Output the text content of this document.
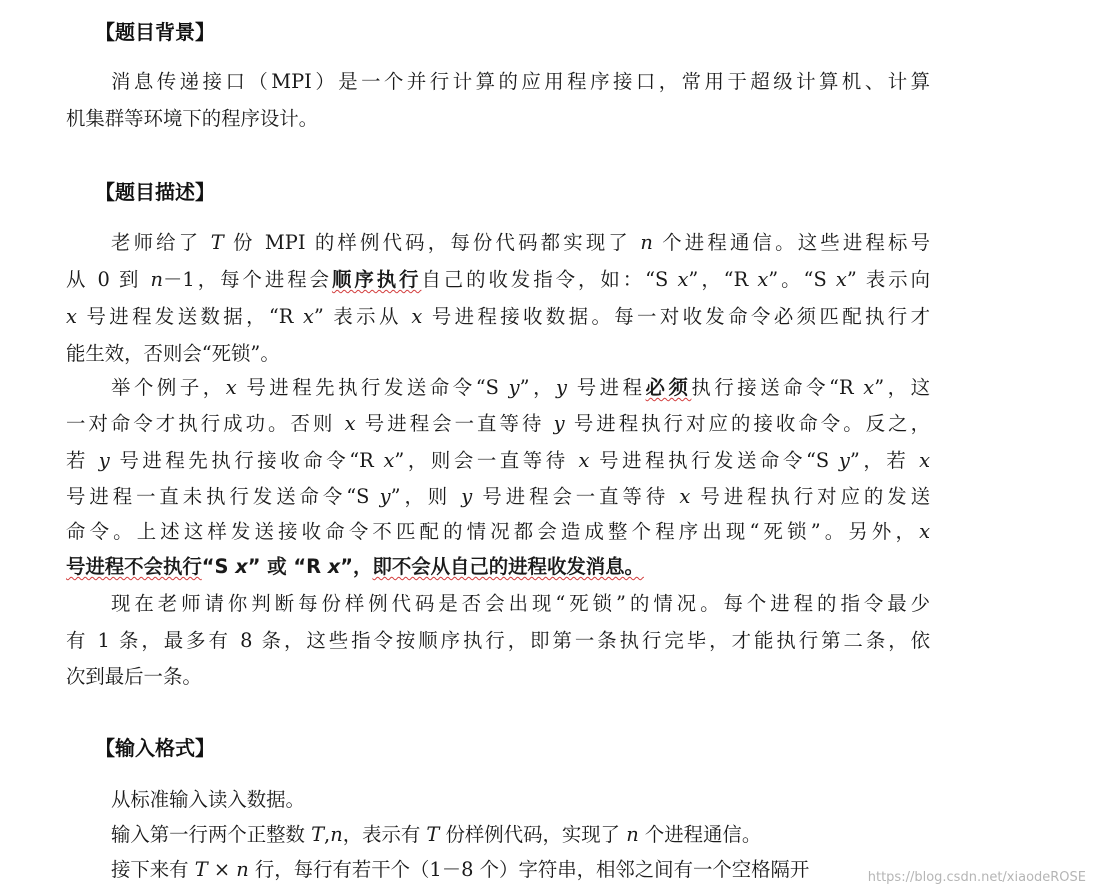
【题目背景】

消息传递接口（MPI）是一个并行计算的应用程序接口，常用于超级计算机、计算

机集群等环境下的程序设计。

【题目描述】

老师给了 T 份 MPI 的样例代码，每份代码都实现了 n 个进程通信。这些进程标号

从 0 到 n－1，每个进程会顺序执行自己的收发指令，如：“S x”，“R x”。“S x” 表示向

x 号进程发送数据，“R x” 表示从 x 号进程接收数据。每一对收发命令必须匹配执行才

能生效，否则会“死锁”。

举个例子，x 号进程先执行发送命令“S y”，y 号进程必须执行接送命令“R x”，这

一对命令才执行成功。否则 x 号进程会一直等待 y 号进程执行对应的接收命令。反之，

若 y 号进程先执行接收命令“R x”，则会一直等待 x 号进程执行发送命令“S y”，若 x

号进程一直未执行发送命令“S y”，则 y 号进程会一直等待 x 号进程执行对应的发送

命令。上述这样发送接收命令不匹配的情况都会造成整个程序出现“死锁”。另外，x

号进程不会执行“S x” 或 “R x”，即不会从自己的进程收发消息。

现在老师请你判断每份样例代码是否会出现“死锁”的情况。每个进程的指令最少

有 1 条，最多有 8 条，这些指令按顺序执行，即第一条执行完毕，才能执行第二条，依

次到最后一条。

【输入格式】

从标准输入读入数据。

输入第一行两个正整数 T,n，表示有 T 份样例代码，实现了 n 个进程通信。

接下来有 T × n 行，每行有若干个（1－8 个）字符串，相邻之间有一个空格隔开	https://blog.csdn.net/xiaodeROSE
